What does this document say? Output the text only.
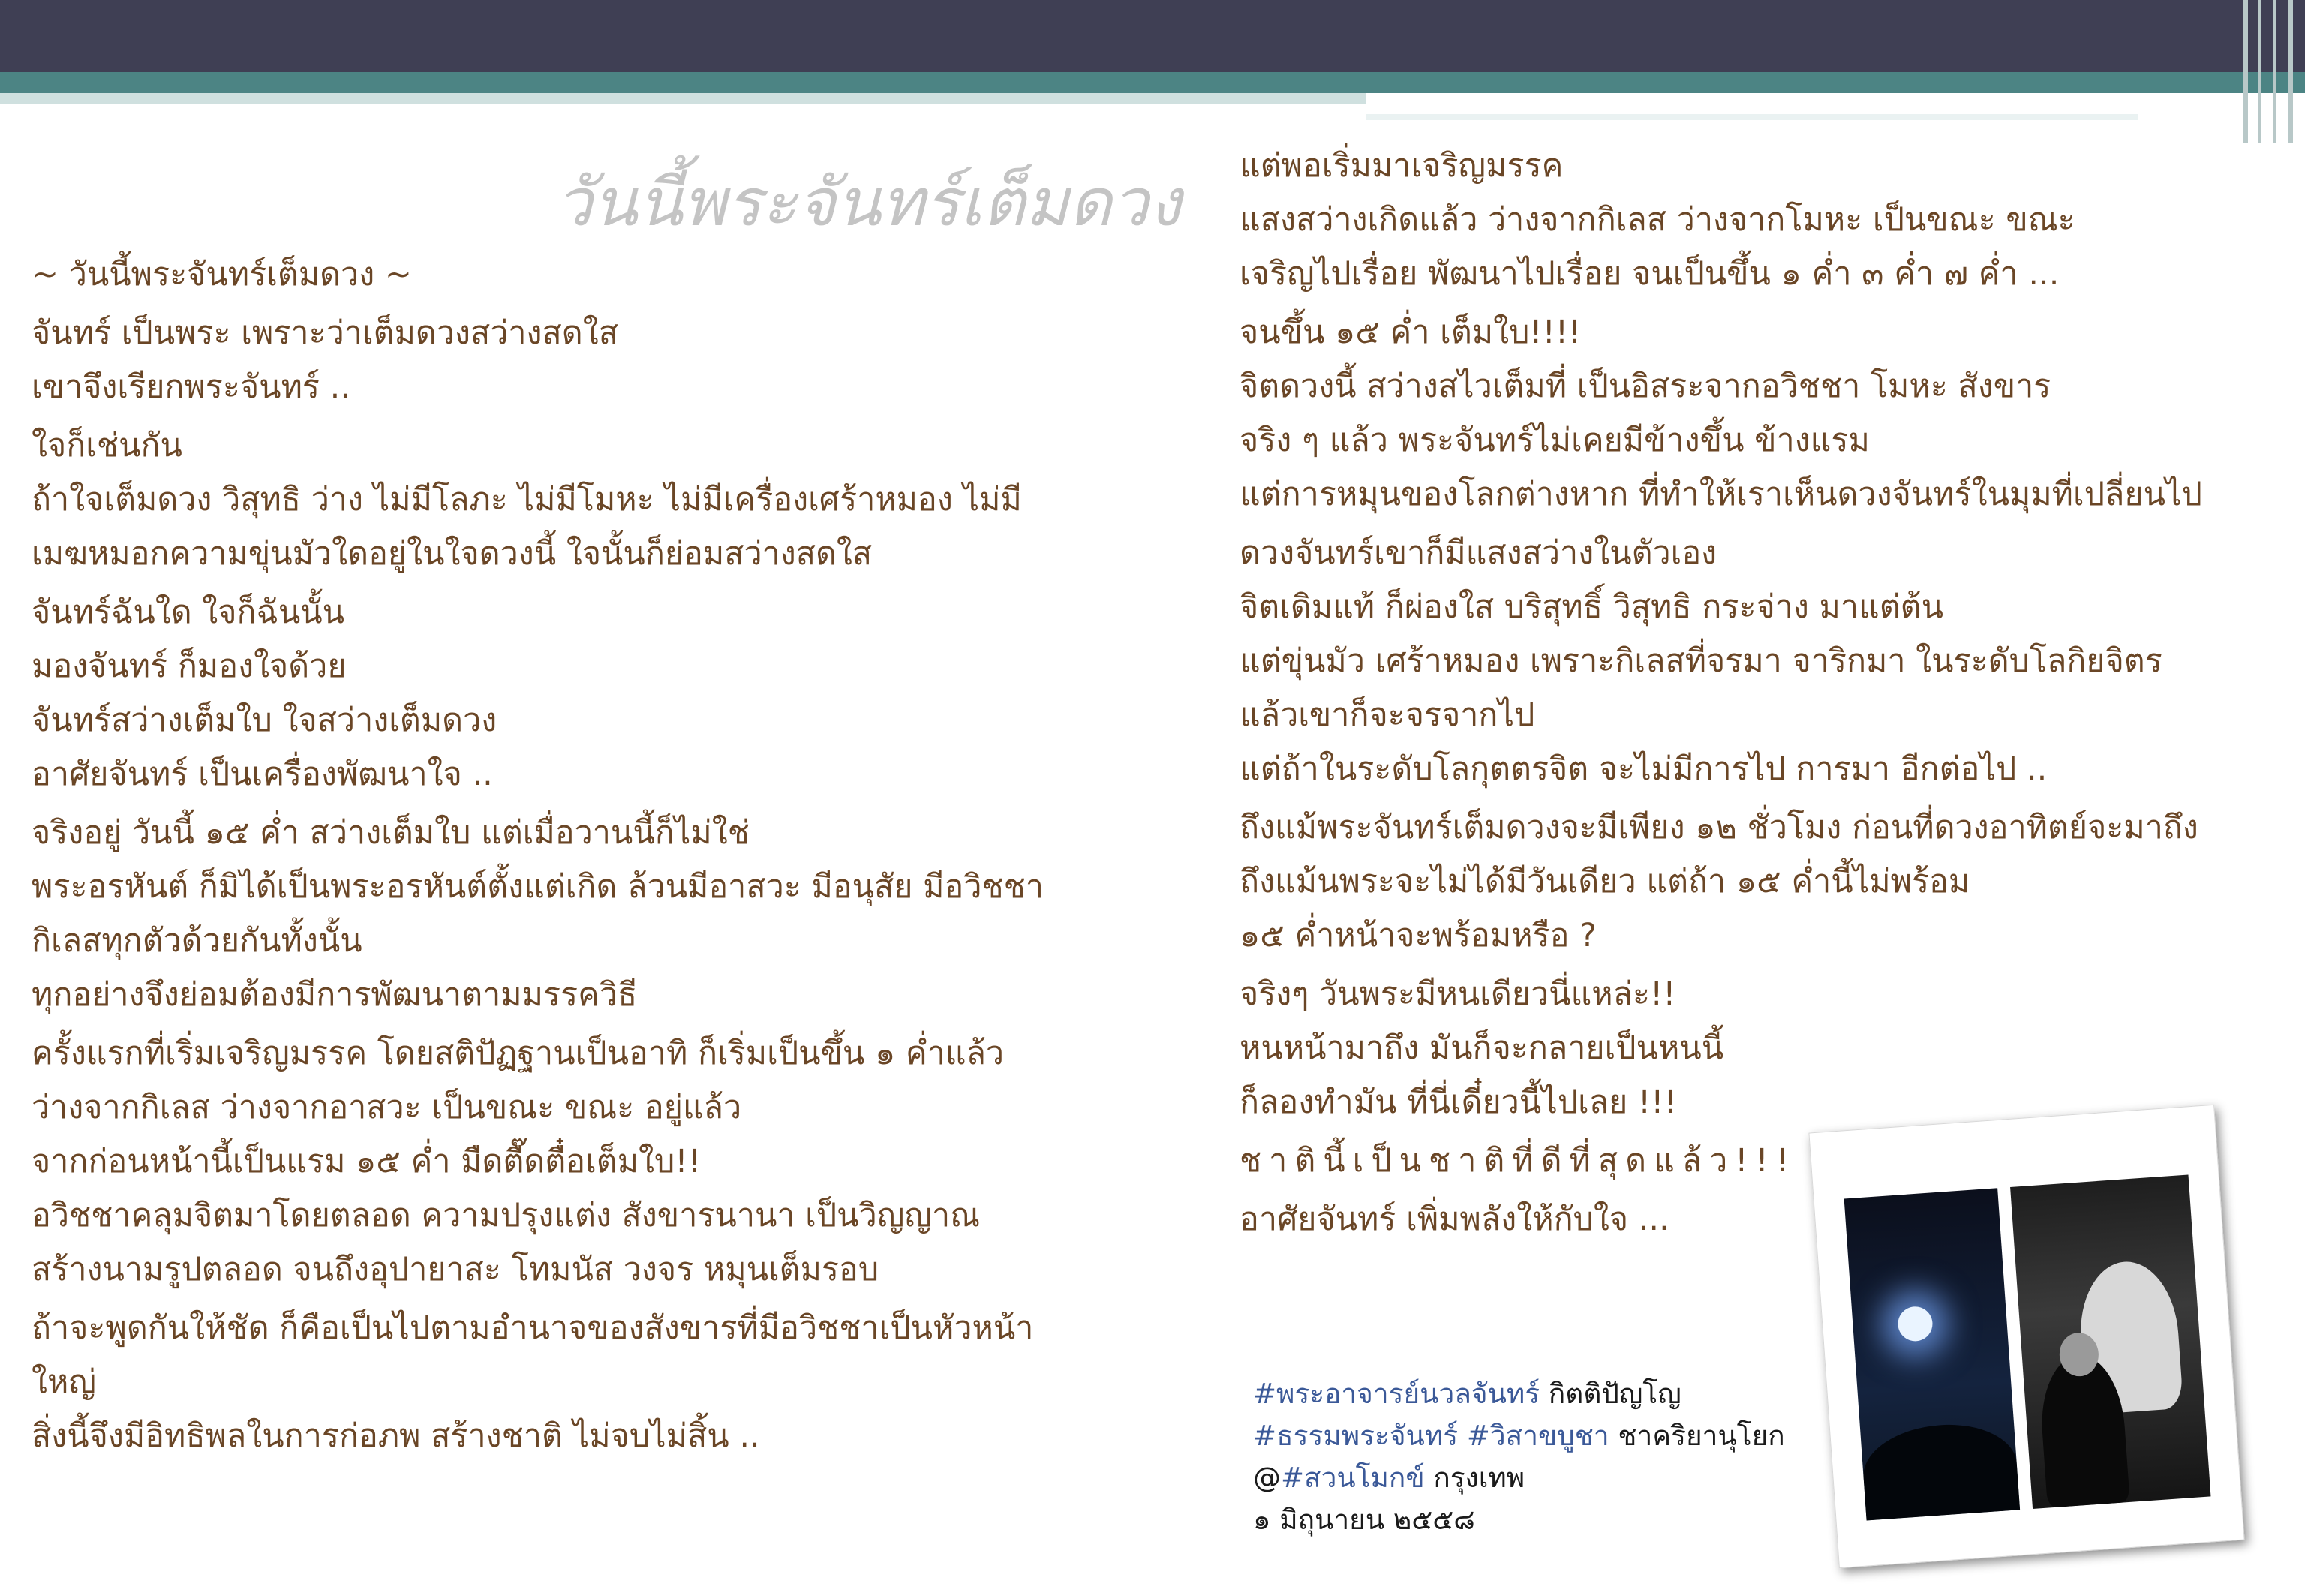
วันนี้พระจันทร์เต็มดวง
~ วันนี้พระจันทร์เต็มดวง ~
จันทร์ เป็นพระ เพราะว่าเต็มดวงสว่างสดใส
เขาจึงเรียกพระจันทร์ ..
ใจก็เช่นกัน
ถ้าใจเต็มดวง วิสุทธิ ว่าง ไม่มีโลภะ ไม่มีโมหะ ไม่มีเครื่องเศร้าหมอง ไม่มี
เมฆหมอกความขุ่นมัวใดอยู่ในใจดวงนี้ ใจนั้นก็ย่อมสว่างสดใส
จันทร์ฉันใด ใจก็ฉันนั้น
มองจันทร์ ก็มองใจด้วย
จันทร์สว่างเต็มใบ ใจสว่างเต็มดวง
อาศัยจันทร์ เป็นเครื่องพัฒนาใจ ..
จริงอยู่ วันนี้ ๑๕ ค่ำ สว่างเต็มใบ แต่เมื่อวานนี้ก็ไม่ใช่
พระอรหันต์ ก็มิได้เป็นพระอรหันต์ตั้งแต่เกิด ล้วนมีอาสวะ มีอนุสัย มีอวิชชา
กิเลสทุกตัวด้วยกันทั้งนั้น
ทุกอย่างจึงย่อมต้องมีการพัฒนาตามมรรควิธี
ครั้งแรกที่เริ่มเจริญมรรค โดยสติปัฏฐานเป็นอาทิ ก็เริ่มเป็นขึ้น ๑ ค่ำแล้ว
ว่างจากกิเลส ว่างจากอาสวะ เป็นขณะ ขณะ อยู่แล้ว
จากก่อนหน้านี้เป็นแรม ๑๕ ค่ำ มืดตื๊ดตื๋อเต็มใบ!!
อวิชชาคลุมจิตมาโดยตลอด ความปรุงแต่ง สังขารนานา เป็นวิญญาณ
สร้างนามรูปตลอด จนถึงอุปายาสะ โทมนัส วงจร หมุนเต็มรอบ
ถ้าจะพูดกันให้ชัด ก็คือเป็นไปตามอำนาจของสังขารที่มีอวิชชาเป็นหัวหน้า
ใหญ่
สิ่งนี้จึงมีอิทธิพลในการก่อภพ สร้างชาติ ไม่จบไม่สิ้น ..
แต่พอเริ่มมาเจริญมรรค
แสงสว่างเกิดแล้ว ว่างจากกิเลส ว่างจากโมหะ เป็นขณะ ขณะ
เจริญไปเรื่อย พัฒนาไปเรื่อย จนเป็นขึ้น ๑ ค่ำ ๓ ค่ำ ๗ ค่ำ ...
จนขึ้น ๑๕ ค่ำ เต็มใบ!!!!
จิตดวงนี้ สว่างสไวเต็มที่ เป็นอิสระจากอวิชชา โมหะ สังขาร
จริง ๆ แล้ว พระจันทร์ไม่เคยมีข้างขึ้น ข้างแรม
แต่การหมุนของโลกต่างหาก ที่ทำให้เราเห็นดวงจันทร์ในมุมที่เปลี่ยนไป
ดวงจันทร์เขาก็มีแสงสว่างในตัวเอง
จิตเดิมแท้ ก็ผ่องใส บริสุทธิ์ วิสุทธิ กระจ่าง มาแต่ต้น
แต่ขุ่นมัว เศร้าหมอง เพราะกิเลสที่จรมา จาริกมา ในระดับโลกิยจิตร
แล้วเขาก็จะจรจากไป
แต่ถ้าในระดับโลกุตตรจิต จะไม่มีการไป การมา อีกต่อไป ..
ถึงแม้พระจันทร์เต็มดวงจะมีเพียง ๑๒ ชั่วโมง ก่อนที่ดวงอาทิตย์จะมาถึง
ถึงแม้นพระจะไม่ได้มีวันเดียว แต่ถ้า ๑๕ ค่ำนี้ไม่พร้อม
๑๕ ค่ำหน้าจะพร้อมหรือ ?
จริงๆ วันพระมีหนเดียวนี่แหล่ะ!!
หนหน้ามาถึง มันก็จะกลายเป็นหนนี้
ก็ลองทำมัน ที่นี่เดี๋ยวนี้ไปเลย !!!
ชาตินี้เป็นชาติที่ดีที่สุดแล้ว!!!
อาศัยจันทร์ เพิ่มพลังให้กับใจ ...
#พระอาจารย์นวลจันทร์ กิตติปัญโญ
#ธรรมพระจันทร์ #วิสาขบูชา ชาคริยานุโยก
@#สวนโมกข์ กรุงเทพ
๑ มิถุนายน ๒๕๕๘
